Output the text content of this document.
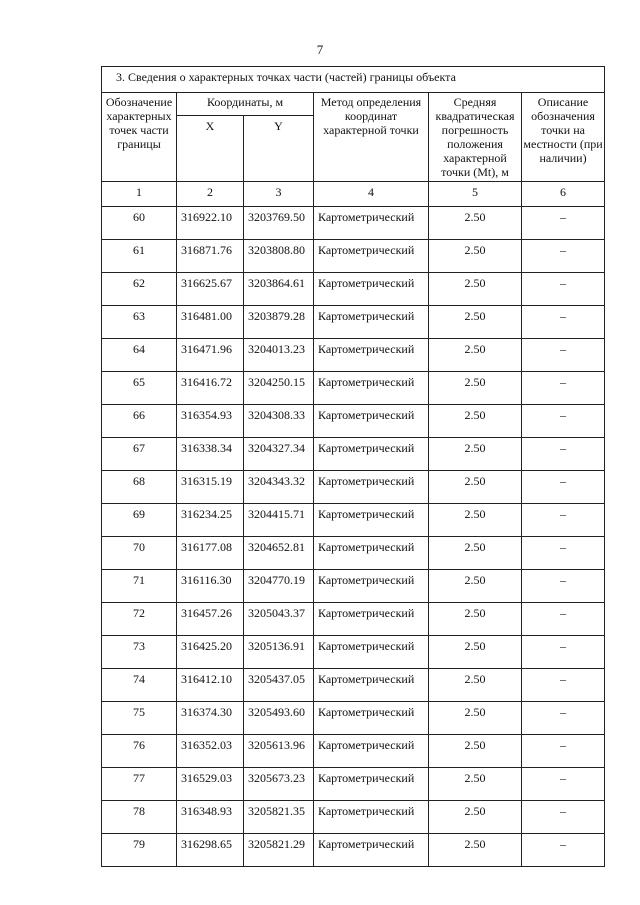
7
3. Сведения о характерных точках части (частей) границы объекта					
Обозначение характерных точек части границы	Координаты, м		Метод определения координат характерной точки	Средняя квадратическая погрешность положения характерной точки (Mt), м	Описание обозначения точки на местности (при наличии)
	X	Y			
1	2	3	4	5	6
60	316922.10	3203769.50	Картометрический	2.50	–
61	316871.76	3203808.80	Картометрический	2.50	–
62	316625.67	3203864.61	Картометрический	2.50	–
63	316481.00	3203879.28	Картометрический	2.50	–
64	316471.96	3204013.23	Картометрический	2.50	–
65	316416.72	3204250.15	Картометрический	2.50	–
66	316354.93	3204308.33	Картометрический	2.50	–
67	316338.34	3204327.34	Картометрический	2.50	–
68	316315.19	3204343.32	Картометрический	2.50	–
69	316234.25	3204415.71	Картометрический	2.50	–
70	316177.08	3204652.81	Картометрический	2.50	–
71	316116.30	3204770.19	Картометрический	2.50	–
72	316457.26	3205043.37	Картометрический	2.50	–
73	316425.20	3205136.91	Картометрический	2.50	–
74	316412.10	3205437.05	Картометрический	2.50	–
75	316374.30	3205493.60	Картометрический	2.50	–
76	316352.03	3205613.96	Картометрический	2.50	–
77	316529.03	3205673.23	Картометрический	2.50	–
78	316348.93	3205821.35	Картометрический	2.50	–
79	316298.65	3205821.29	Картометрический	2.50	–
